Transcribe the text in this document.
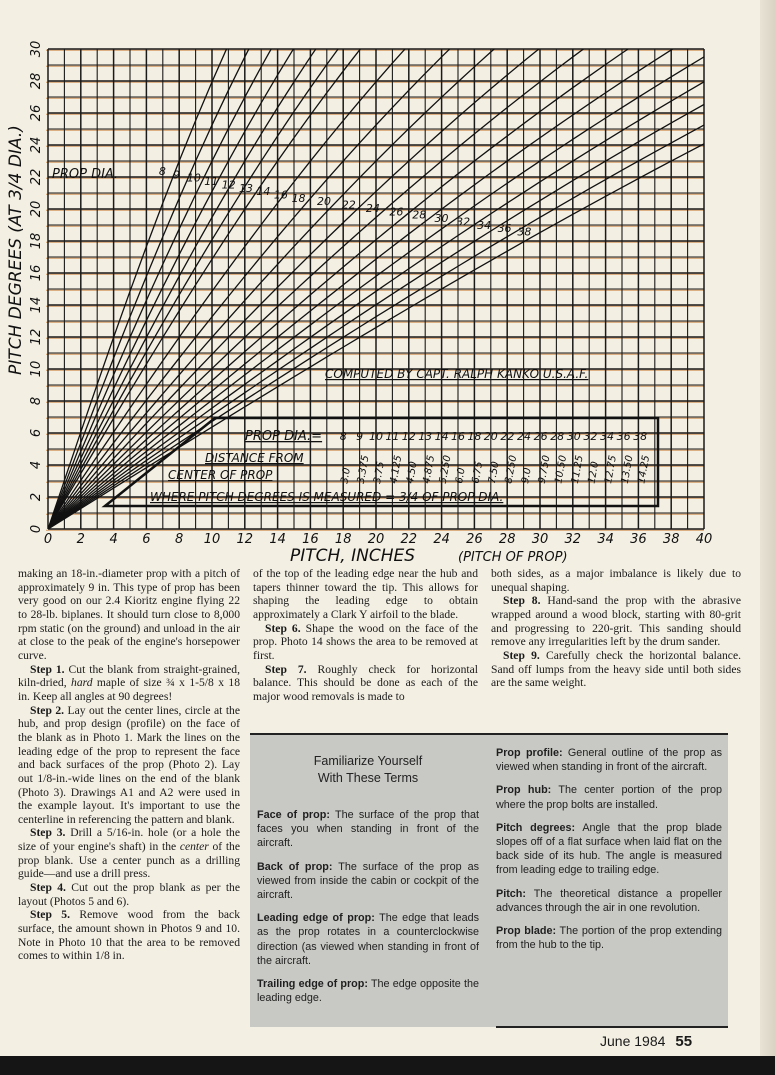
0 2 4 6 8 10 12 14 16 18 20 22 24 26 28 30 32 34 36 38 40
0
2
4
6
8
10
12
14
16
18
20
22
24
26
28
30
8 9 10 11 12 13 14 16 18 20 22 24 26 28 30 32 34 36 38
PROP DIA.
COMPUTED BY CAPT. RALPH KANKO U.S.A.F.
PITCH, INCHES	(PITCH OF PROP)
PITCH DEGREES (AT 3/4 DIA.)
PROP DIA.=
DISTANCE FROM
CENTER OF PROP
WHERE PITCH DEGREES IS MEASURED = 3/4 OF PROP DIA.
8
3.0
9
3.375
10
3.75
11
4.125
12
4.50
13
4.875
14
5.250
16
6.0
18
6.75
20
7.50
22
8.250
24
9.0
26
9.750
28
10.50
30
11.25
32
12.0
34
12.75
36
13.50
38
14.25

making an 18-in.-diameter prop with a pitch of approximately 9 in. This type of prop has been very good on our 2.4 Kioritz engine flying 22 to 28-lb. biplanes. It should turn close to 8,000 rpm static (on the ground) and unload in the air at close to the peak of the engine's horsepower curve.

Step 1. Cut the blank from straight-grained, kiln-dried, hard maple of size ¾ x 1-5/8 x 18 in. Keep all angles at 90 degrees!

Step 2. Lay out the center lines, circle at the hub, and prop design (profile) on the face of the blank as in Photo 1. Mark the lines on the leading edge of the prop to represent the face and back surfaces of the prop (Photo 2). Lay out 1/8-in.-wide lines on the end of the blank (Photo 3). Drawings A1 and A2 were used in the example layout. It's important to use the centerline in referencing the pattern and blank.

Step 3. Drill a 5/16-in. hole (or a hole the size of your engine's shaft) in the center of the prop blank. Use a center punch as a drilling guide—and use a drill press.

Step 4. Cut out the prop blank as per the layout (Photos 5 and 6).

Step 5. Remove wood from the back surface, the amount shown in Photos 9 and 10. Note in Photo 10 that the area to be removed comes to within 1/8 in.

of the top of the leading edge near the hub and tapers thinner toward the tip. This allows for shaping the leading edge to obtain approximately a Clark Y airfoil to the blade.

Step 6. Shape the wood on the face of the prop. Photo 14 shows the area to be removed at first.

Step 7. Roughly check for horizontal balance. This should be done as each of the major wood removals is made to

both sides, as a major imbalance is likely due to unequal shaping.

Step 8. Hand-sand the prop with the abrasive wrapped around a wood block, starting with 80-grit and progressing to 220-grit. This sanding should remove any irregularities left by the drum sander.

Step 9. Carefully check the horizontal balance. Sand off lumps from the heavy side until both sides are the same weight.

Familiarize Yourself
With These Terms

Face of prop: The surface of the prop that faces you when standing in front of the aircraft.

Back of prop: The surface of the prop as viewed from inside the cabin or cockpit of the aircraft.

Leading edge of prop: The edge that leads as the prop rotates in a counterclockwise direction (as viewed when standing in front of the aircraft.

Trailing edge of prop: The edge opposite the leading edge.

Prop profile: General outline of the prop as viewed when standing in front of the aircraft.

Prop hub: The center portion of the prop where the prop bolts are installed.

Pitch degrees: Angle that the prop blade slopes off of a flat surface when laid flat on the back side of its hub. The angle is measured from leading edge to trailing edge.

Pitch: The theoretical distance a propeller advances through the air in one revolution.

Prop blade: The portion of the prop extending from the hub to the tip.

June 1984 55
